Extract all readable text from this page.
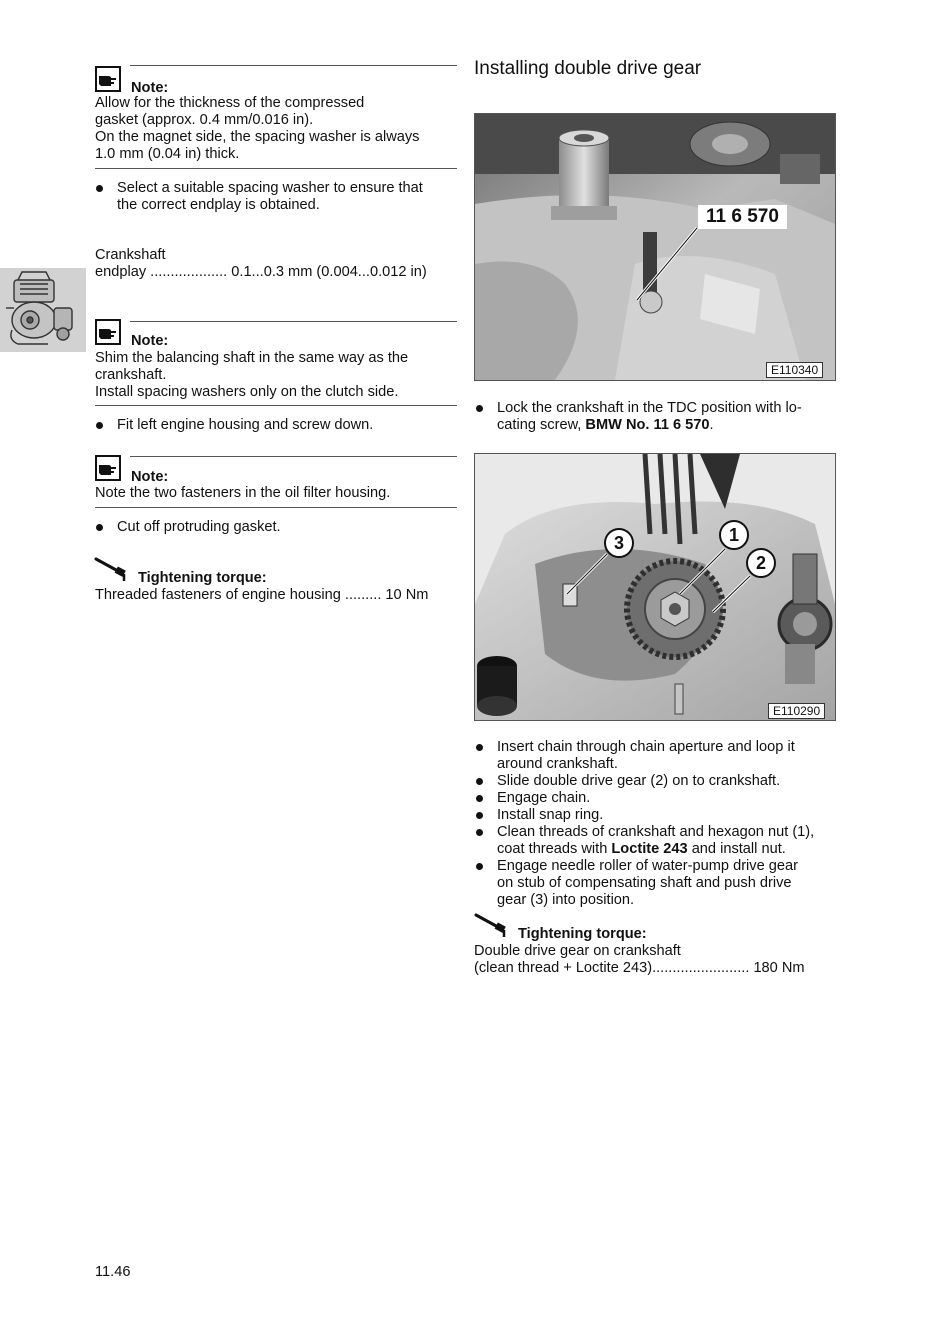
Note:
Allow for the thickness of the compressed
gasket (approx. 0.4 mm/0.016 in).
On the magnet side, the spacing washer is always
1.0 mm (0.04 in) thick.
Select a suitable spacing washer to ensure that
the correct endplay is obtained.
Crankshaft
endplay ................... 0.1...0.3 mm (0.004...0.012 in)
Note:
Shim the balancing shaft in the same way as the
crankshaft.
Install spacing washers only on the clutch side.
Fit left engine housing and screw down.
Note:
Note the two fasteners in the oil filter housing.
Cut off protruding gasket.
Tightening torque:
Threaded fasteners of engine housing ......... 10 Nm
Installing double drive gear
11 6 570
E110340
Lock the crankshaft in the TDC position with lo-
cating screw, BMW No. 11 6 570.
3	1
2
E110290
Insert chain through chain aperture and loop it
around crankshaft.
Slide double drive gear (2) on to crankshaft.
Engage chain.
Install snap ring.
Clean threads of crankshaft and hexagon nut (1),
coat threads with Loctite 243 and install nut.
Engage needle roller of water-pump drive gear
on stub of compensating shaft and push drive
gear (3) into position.
Tightening torque:
Double drive gear on crankshaft
(clean thread + Loctite 243)........................ 180 Nm
11.46
